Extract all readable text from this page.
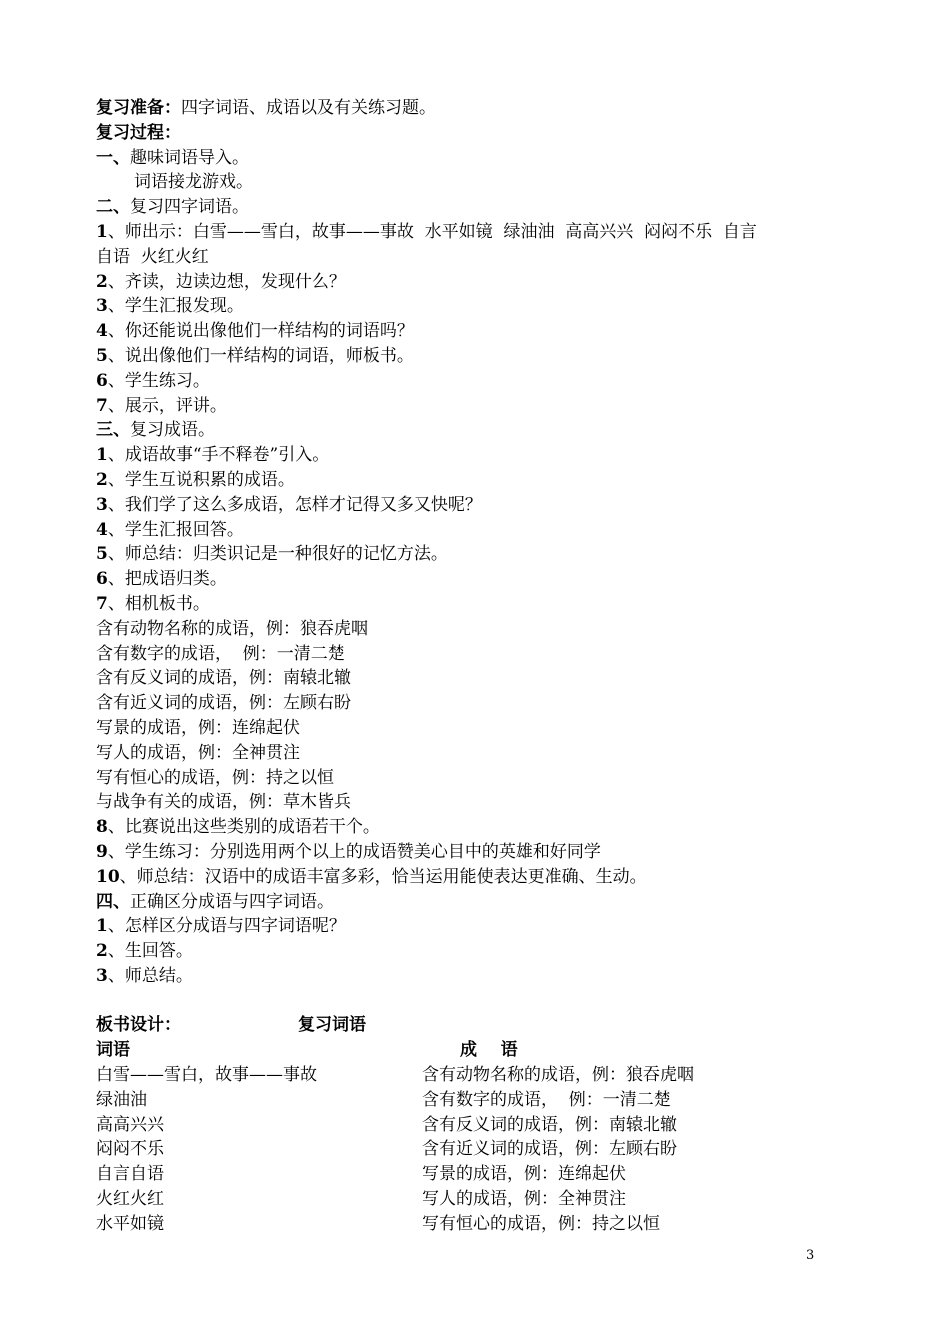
复习准备：四字词语、成语以及有关练习题。
复习过程：
一、趣味词语导入。
词语接龙游戏。
二、复习四字词语。
1、师出示：白雪——雪白，故事——事故  水平如镜  绿油油  高高兴兴  闷闷不乐  自言
自语  火红火红
2、齐读，边读边想，发现什么？
3、学生汇报发现。
4、你还能说出像他们一样结构的词语吗？
5、说出像他们一样结构的词语，师板书。
6、学生练习。
7、展示，评讲。
三、复习成语。
1、成语故事“手不释卷”引入。
2、学生互说积累的成语。
3、我们学了这么多成语，怎样才记得又多又快呢？
4、学生汇报回答。
5、师总结：归类识记是一种很好的记忆方法。
6、把成语归类。
7、相机板书。
含有动物名称的成语，例：狼吞虎咽
含有数字的成语，  例：一清二楚
含有反义词的成语，例：南辕北辙
含有近义词的成语，例：左顾右盼
写景的成语，例：连绵起伏
写人的成语，例：全神贯注
写有恒心的成语，例：持之以恒
与战争有关的成语，例：草木皆兵
8、比赛说出这些类别的成语若干个。
9、学生练习：分别选用两个以上的成语赞美心目中的英雄和好同学
10、师总结：汉语中的成语丰富多彩，恰当运用能使表达更准确、生动。
四、正确区分成语与四字词语。
1、怎样区分成语与四字词语呢？
2、生回答。
3、师总结。
板书设计：	复习词语
词语	成    语
白雪——雪白，故事——事故	含有动物名称的成语，例：狼吞虎咽
绿油油	含有数字的成语，  例：一清二楚
高高兴兴	含有反义词的成语，例：南辕北辙
闷闷不乐	含有近义词的成语，例：左顾右盼
自言自语	写景的成语，例：连绵起伏
火红火红	写人的成语，例：全神贯注
水平如镜	写有恒心的成语，例：持之以恒
3
